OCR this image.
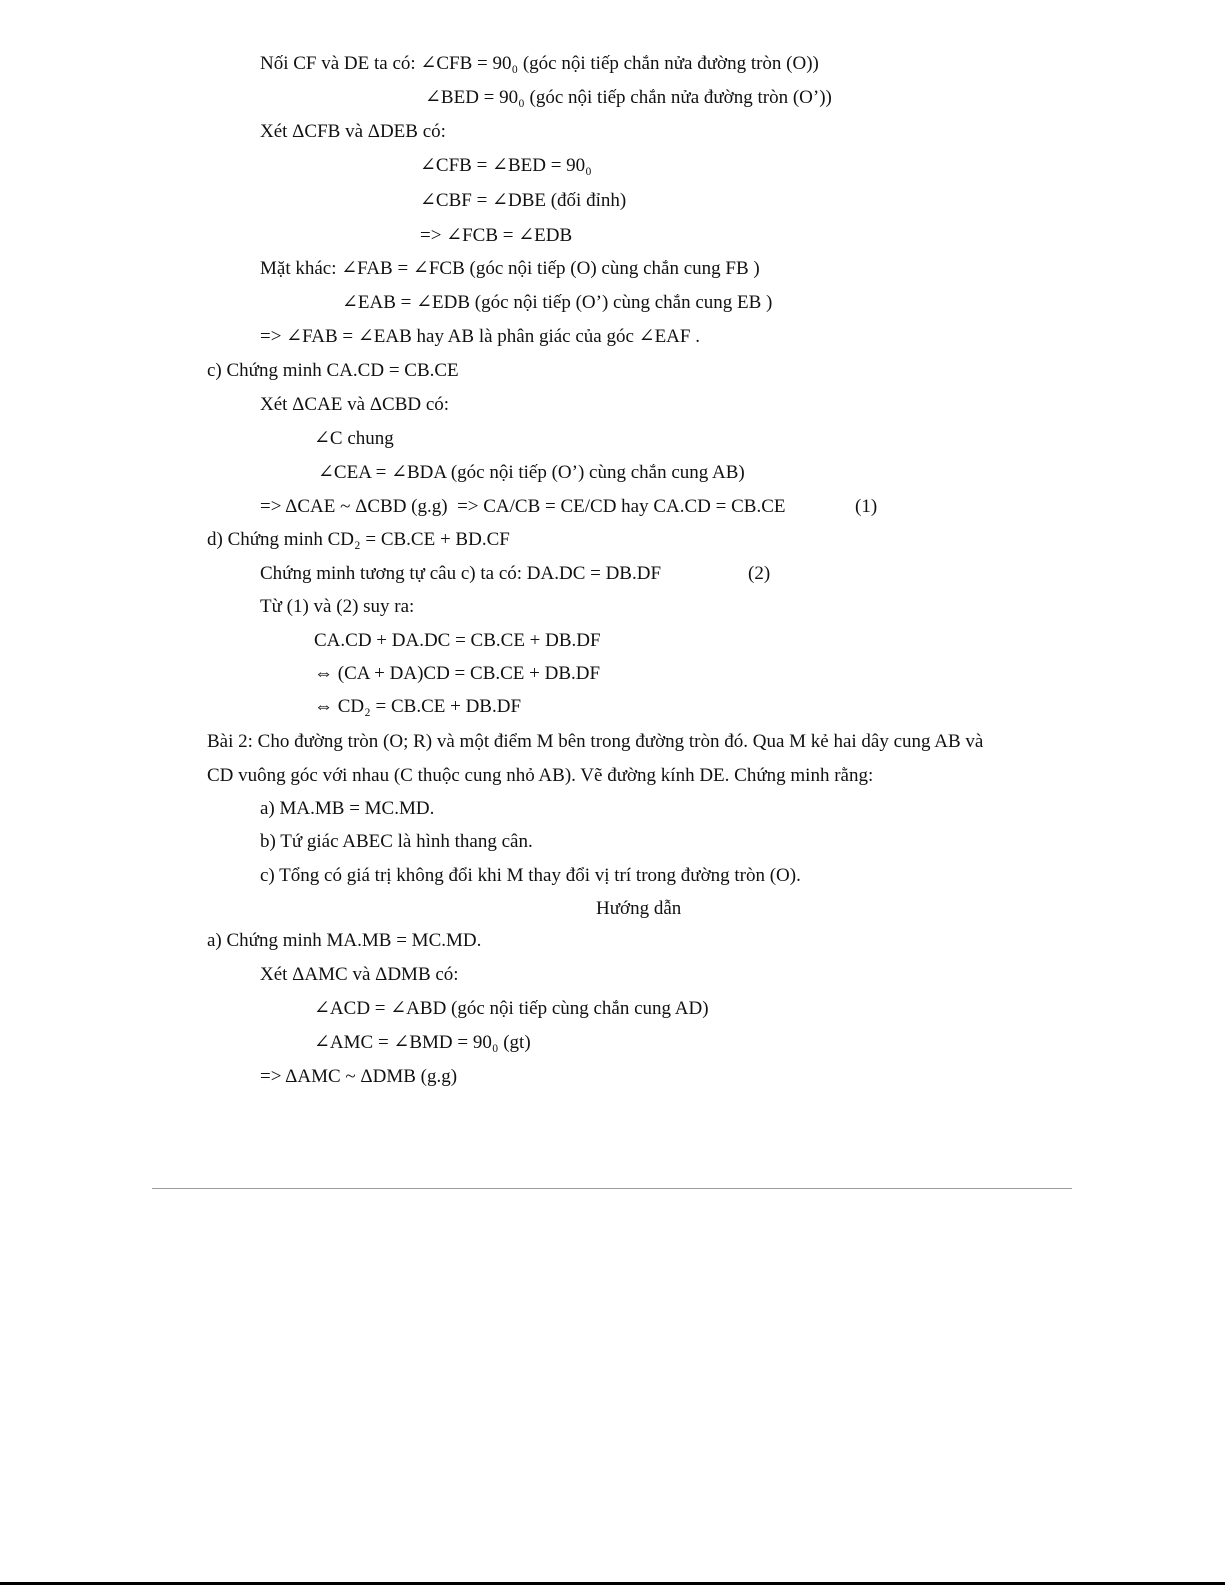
Nối CF và DE ta có: ∠CFB = 90₀ (góc nội tiếp chắn nửa đường tròn (O))
∠BED = 90₀ (góc nội tiếp chắn nửa đường tròn (O’))
Xét ΔCFB và ΔDEB có:
∠CFB = ∠BED = 90₀
∠CBF = ∠DBE (đối đỉnh)
=> ∠FCB = ∠EDB
Mặt khác: ∠FAB = ∠FCB (góc nội tiếp (O) cùng chắn cung FB )
∠EAB = ∠EDB (góc nội tiếp (O’) cùng chắn cung EB )
=> ∠FAB = ∠EAB hay AB là phân giác của góc ∠EAF .
c) Chứng minh CA.CD = CB.CE
Xét ΔCAE và ΔCBD có:
∠C chung
∠CEA = ∠BDA (góc nội tiếp (O’) cùng chắn cung AB)
=> ΔCAE ~ ΔCBD (g.g)  => CA/CB = CE/CD hay CA.CD = CB.CE	(1)
d) Chứng minh CD₂ = CB.CE + BD.CF
Chứng minh tương tự câu c) ta có: DA.DC = DB.DF	(2)
Từ (1) và (2) suy ra:
CA.CD + DA.DC = CB.CE + DB.DF
⇔ (CA + DA)CD = CB.CE + DB.DF
⇔ CD₂ = CB.CE + DB.DF
Bài 2: Cho đường tròn (O; R) và một điểm M bên trong đường tròn đó. Qua M kẻ hai dây cung AB và
CD vuông góc với nhau (C thuộc cung nhỏ AB). Vẽ đường kính DE. Chứng minh rằng:
a) MA.MB = MC.MD.
b) Tứ giác ABEC là hình thang cân.
c) Tổng có giá trị không đổi khi M thay đổi vị trí trong đường tròn (O).
Hướng dẫn
a) Chứng minh MA.MB = MC.MD.
Xét ΔAMC và ΔDMB có:
∠ACD = ∠ABD (góc nội tiếp cùng chắn cung AD)
∠AMC = ∠BMD = 90₀ (gt)
=> ΔAMC ~ ΔDMB (g.g)
